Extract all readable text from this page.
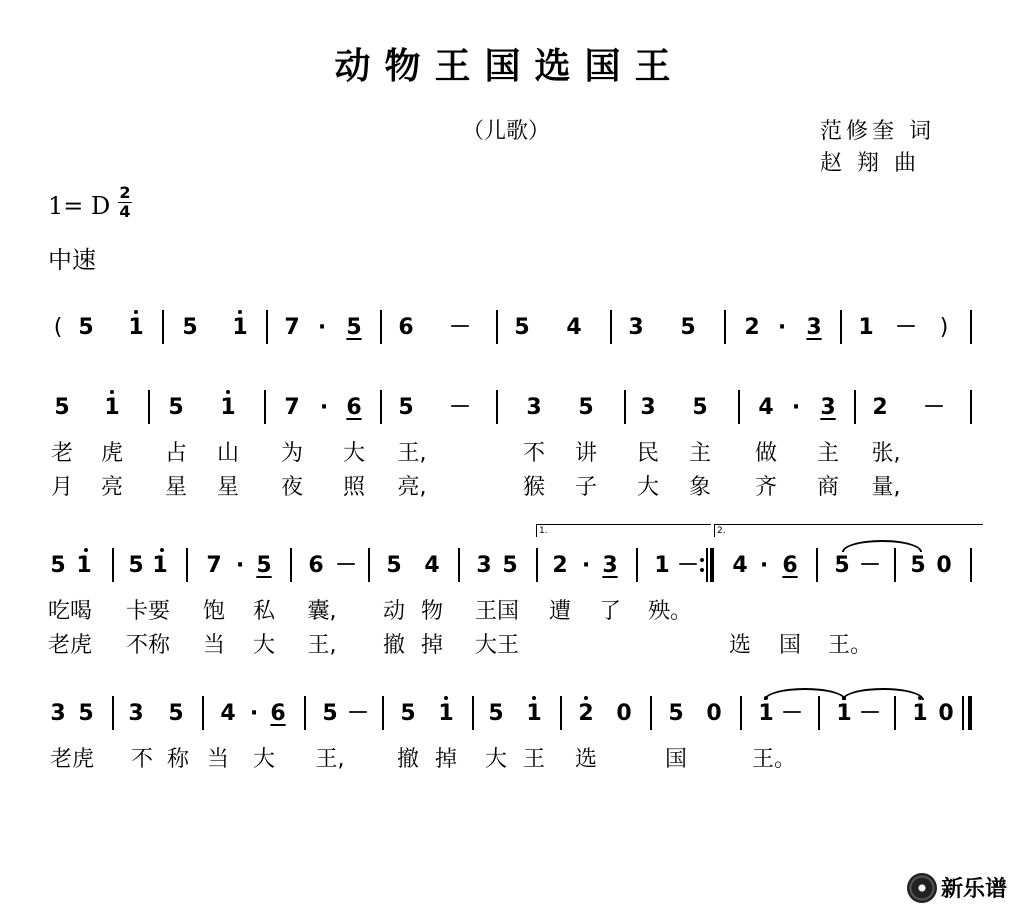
动物王国选国王
（儿歌）	范修奎 词
赵 翔 曲
1= D 2
4
中速
( 5 1 5 1 7 · 5 6 － 5 4 3 5 2 · 3 1 － )
5 1 5 1 7 · 6 5 －	3 5 3 5 4 · 3 2 －
老 虎 占 山 为 大 王,	不 讲 民 主 做 主 张,
月 亮 星 星 夜 照 亮,	猴 子 大 象 齐 商 量,
1.	2.
5 1 5 1 7 · 5 6 － 5 4 3 5 2 · 3 1 － 4 · 6 5 － 5 0
吃喝 卡要 饱 私 囊, 动 物 王国 遭 了 殃。
老虎 不称 当 大 王, 撤 掉 大王	选 国 王。
3 5 3 5 4 · 6 5 － 5 1 5 1 2 0 5 0 1 － 1 － 1 0
老虎 不 称 当 大 王, 撤 掉 大 王 选	国	王。
新乐谱
